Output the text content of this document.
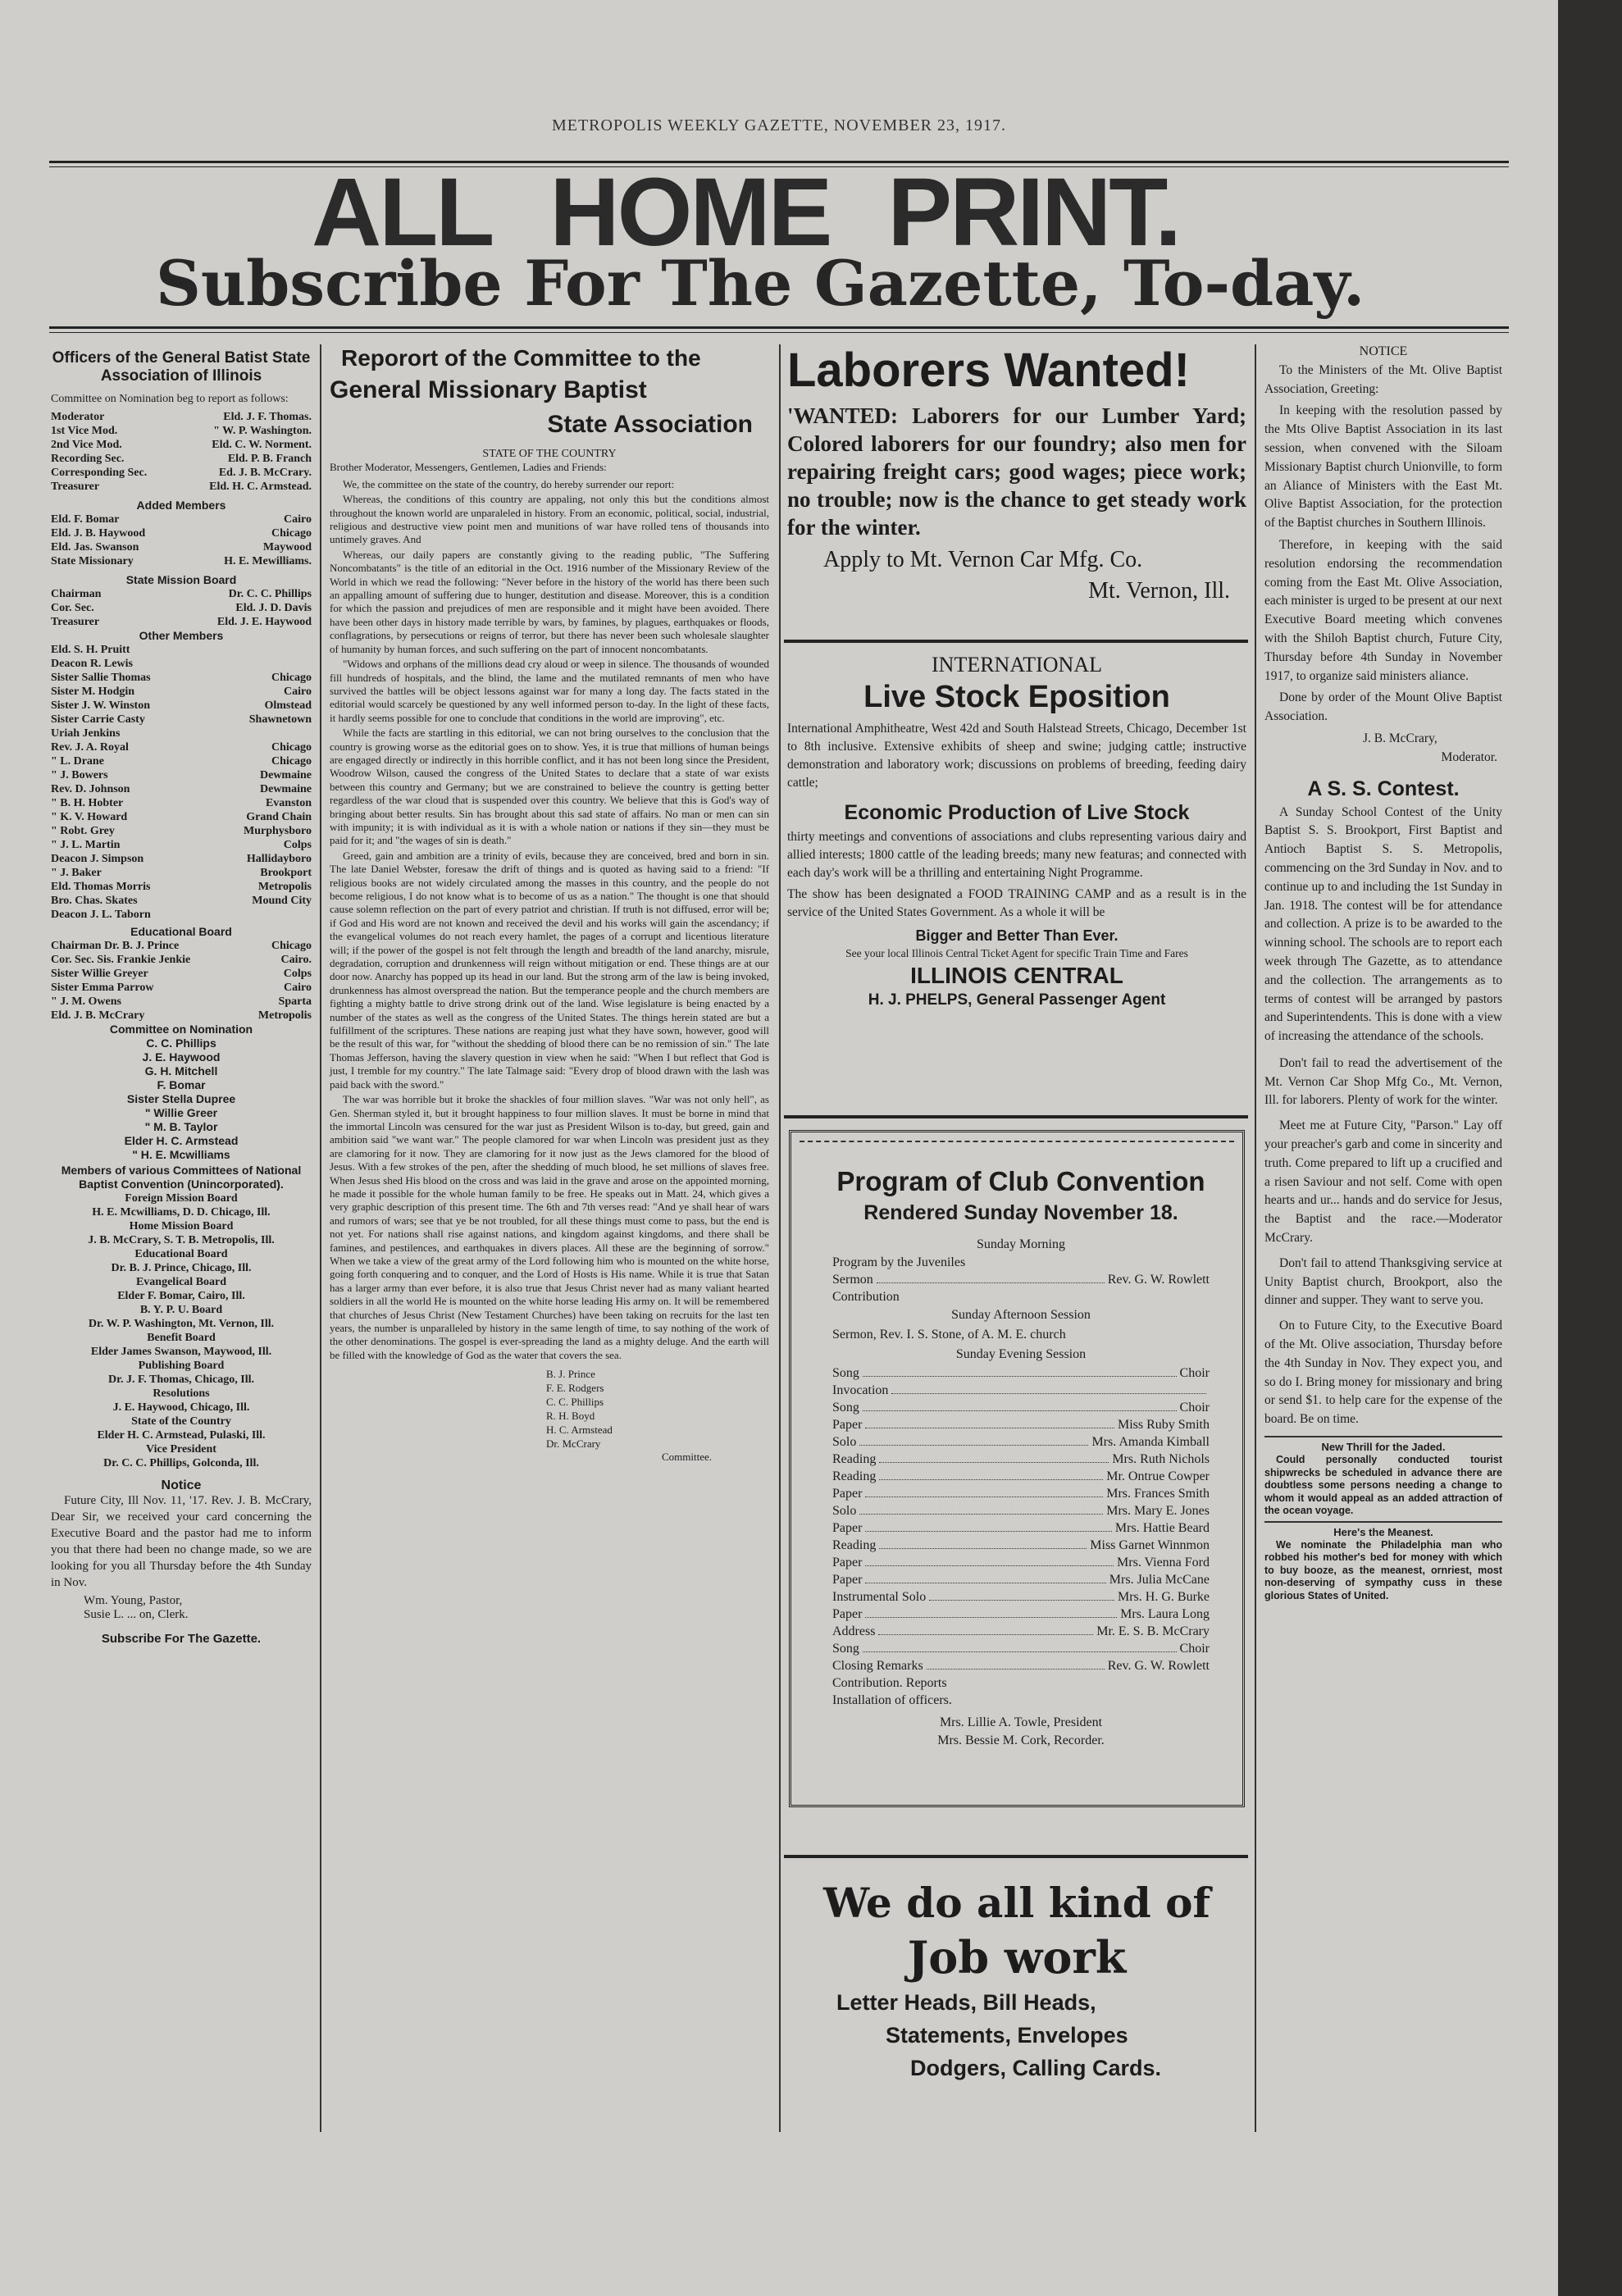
METROPOLIS WEEKLY GAZETTE, NOVEMBER 23, 1917.
ALL HOME PRINT.
Subscribe For The Gazette, To-day.
Officers of the General Batist State Association of Illinois

Committee on Nomination beg to report as follows:

Moderator	Eld. J. F. Thomas.
1st Vice Mod.	" W. P. Washington.
2nd Vice Mod.	Eld. C. W. Norment.
Recording Sec.	Eld. P. B. Franch
Corresponding Sec.	Ed. J. B. McCrary.
Treasurer	Eld. H. C. Armstead.
Added Members
Eld. F. Bomar	Cairo
Eld. J. B. Haywood	Chicago
Eld. Jas. Swanson	Maywood
State Missionary	H. E. Mewilliams.
State Mission Board
Chairman	Dr. C. C. Phillips
Cor. Sec.	Eld. J. D. Davis
Treasurer	Eld. J. E. Haywood
Other Members
Eld. S. H. Pruitt
Deacon R. Lewis
Sister Sallie Thomas	Chicago
Sister M. Hodgin	Cairo
Sister J. W. Winston	Olmstead
Sister Carrie Casty	Shawnetown
Uriah Jenkins
Rev. J. A. Royal	Chicago
" L. Drane	Chicago
" J. Bowers	Dewmaine
Rev. D. Johnson	Dewmaine
" B. H. Hobter	Evanston
" K. V. Howard	Grand Chain
" Robt. Grey	Murphysboro
" J. L. Martin	Colps
Deacon J. Simpson	Hallidayboro
" J. Baker	Brookport
Eld. Thomas Morris	Metropolis
Bro. Chas. Skates	Mound City
Deacon J. L. Taborn
Educational Board
Chairman Dr. B. J. Prince	Chicago
Cor. Sec. Sis. Frankie Jenkie	Cairo.
Sister Willie Greyer	Colps
Sister Emma Parrow	Cairo
" J. M. Owens	Sparta
Eld. J. B. McCrary	Metropolis
Committee on Nomination
C. C. Phillips
J. E. Haywood
G. H. Mitchell
F. Bomar
Sister Stella Dupree
" Willie Greer
" M. B. Taylor
Elder H. C. Armstead
" H. E. Mcwilliams
Members of various Committees of National Baptist Convention (Unincorporated).
Foreign Mission Board
H. E. Mcwilliams, D. D. Chicago, Ill.
Home Mission Board
J. B. McCrary, S. T. B. Metropolis, Ill.
Educational Board
Dr. B. J. Prince, Chicago, Ill.
Evangelical Board
Elder F. Bomar, Cairo, Ill.
B. Y. P. U. Board
Dr. W. P. Washington, Mt. Vernon, Ill.
Benefit Board
Elder James Swanson, Maywood, Ill.
Publishing Board
Dr. J. F. Thomas, Chicago, Ill.
Resolutions
J. E. Haywood, Chicago, Ill.
State of the Country
Elder H. C. Armstead, Pulaski, Ill.
Vice President
Dr. C. C. Phillips, Golconda, Ill.
Notice

Future City, Ill Nov. 11, '17. Rev. J. B. McCrary, Dear Sir, we received your card concerning the Executive Board and the pastor had me to inform you that there had been no change made, so we are looking for you all Thursday before the 4th Sunday in Nov.

Wm. Young, Pastor,
Susie L. ... on, Clerk.
Subscribe For The Gazette.
Reporort of the Committee to the
General Missionary Baptist
State Association
STATE OF THE COUNTRY

Brother Moderator, Messengers, Gentlemen, Ladies and Friends:

We, the committee on the state of the country, do hereby surrender our report:

Whereas, the conditions of this country are appaling, not only this but the conditions almost throughout the known world are unparaleled in history. From an economic, political, social, industrial, religious and destructive view point men and munitions of war have rolled tens of thousands into untimely graves. And

Whereas, our daily papers are constantly giving to the reading public, "The Suffering Noncombatants" is the title of an editorial in the Oct. 1916 number of the Missionary Review of the World in which we read the following: "Never before in the history of the world has there been such an appalling amount of suffering due to hunger, destitution and disease. Moreover, this is a condition for which the passion and prejudices of men are responsible and it might have been avoided. There have been other days in history made terrible by wars, by famines, by plagues, earthquakes or floods, conflagrations, by persecutions or reigns of terror, but there has never been such wholesale slaughter of humanity by human forces, and such suffering on the part of innocent noncombatants.

"Widows and orphans of the millions dead cry aloud or weep in silence. The thousands of wounded fill hundreds of hospitals, and the blind, the lame and the mutilated remnants of men who have survived the battles will be object lessons against war for many a long day. The facts stated in the editorial would scarcely be questioned by any well informed person to-day. In the light of these facts, it hardly seems possible for one to conclude that conditions in the world are improving", etc.

While the facts are startling in this editorial, we can not bring ourselves to the conclusion that the country is growing worse as the editorial goes on to show. Yes, it is true that millions of human beings are engaged directly or indirectly in this horrible conflict, and it has not been long since the President, Woodrow Wilson, caused the congress of the United States to declare that a state of war exists between this country and Germany; but we are constrained to believe the country is getting better regardless of the war cloud that is suspended over this country. We believe that this is God's way of bringing about better results. Sin has brought about this sad state of affairs. No man or men can sin with impunity; it is with individual as it is with a whole nation or nations if they sin—they must be paid for it; and "the wages of sin is death."

Greed, gain and ambition are a trinity of evils, because they are conceived, bred and born in sin. The late Daniel Webster, foresaw the drift of things and is quoted as having said to a friend: "If religious books are not widely circulated among the masses in this country, and the people do not become religious, I do not know what is to become of us as a nation." The thought is one that should cause solemn reflection on the part of every patriot and christian. If truth is not diffused, error will be; if God and His word are not known and received the devil and his works will gain the ascendancy; if the evangelical volumes do not reach every hamlet, the pages of a corrupt and licentious literature will; if the power of the gospel is not felt through the length and breadth of the land anarchy, misrule, degradation, corruption and drunkenness will reign without mitigation or end. These things are at our door now. Anarchy has popped up its head in our land. But the strong arm of the law is being invoked, drunkenness has almost overspread the nation. But the temperance people and the church members are fighting a mighty battle to drive strong drink out of the land. Wise legislature is being enacted by a number of the states as well as the congress of the United States. The things herein stated are but a fulfillment of the scriptures. These nations are reaping just what they have sown, however, good will be the result of this war, for "without the shedding of blood there can be no remission of sin." The late Thomas Jefferson, having the slavery question in view when he said: "When I but reflect that God is just, I tremble for my country." The late Talmage said: "Every drop of blood drawn with the lash was paid back with the sword."

The war was horrible but it broke the shackles of four million slaves. "War was not only hell", as Gen. Sherman styled it, but it brought happiness to four million slaves. It must be borne in mind that the immortal Lincoln was censured for the war just as President Wilson is to-day, but greed, gain and ambition said "we want war." The people clamored for war when Lincoln was president just as they are clamoring for it now. They are clamoring for it now just as the Jews clamored for the blood of Jesus. With a few strokes of the pen, after the shedding of much blood, he set millions of slaves free. When Jesus shed His blood on the cross and was laid in the grave and arose on the appointed morning, he made it possible for the whole human family to be free. He speaks out in Matt. 24, which gives a very graphic description of this present time. The 6th and 7th verses read: "And ye shall hear of wars and rumors of wars; see that ye be not troubled, for all these things must come to pass, but the end is not yet. For nations shall rise against nations, and kingdom against kingdoms, and there shall be famines, and pestilences, and earthquakes in divers places. All these are the beginning of sorrow." When we take a view of the great army of the Lord following him who is mounted on the white horse, going forth conquering and to conquer, and the Lord of Hosts is His name. While it is true that Satan has a larger army than ever before, it is also true that Jesus Christ never had as many valiant hearted soldiers in all the world He is mounted on the white horse leading His army on. It will be remembered that churches of Jesus Christ (New Testament Churches) have been taking on recruits for the last ten years, the number is unparalleled by history in the same length of time, to say nothing of the work of the other denominations. The gospel is ever-spreading the land as a mighty deluge. And the earth will be filled with the knowledge of God as the water that covers the sea.

B. J. Prince
F. E. Rodgers
C. C. Phillips
R. H. Boyd
H. C. Armstead
Dr. McCrary
Committee.
Laborers Wanted!

'WANTED: Laborers for our Lumber Yard; Colored laborers for our foundry; also men for repairing freight cars; good wages; piece work; no trouble; now is the chance to get steady work for the winter.

Apply to Mt. Vernon Car Mfg. Co.
Mt. Vernon, Ill.
INTERNATIONAL
Live Stock Eposition

International Amphitheatre, West 42d and South Halstead Streets, Chicago, December 1st to 8th inclusive. Extensive exhibits of sheep and swine; judging cattle; instructive demonstration and laboratory work; discussions on problems of breeding, feeding dairy cattle;

Economic Production of Live Stock

thirty meetings and conventions of associations and clubs representing various dairy and allied interests; 1800 cattle of the leading breeds; many new featuras; and connected with each day's work will be a thrilling and entertaining Night Programme.

The show has been designated a FOOD TRAINING CAMP and as a result is in the service of the United States Government. As a whole it will be

Bigger and Better Than Ever.
See your local Illinois Central Ticket Agent for specific Train Time and Fares
ILLINOIS CENTRAL
H. J. PHELPS, General Passenger Agent
Program of Club Convention
Rendered Sunday November 18.
Sunday Morning
Program by the Juveniles
Sermon	Rev. G. W. Rowlett
Contribution
Sunday Afternoon Session
Sermon, Rev. I. S. Stone, of A. M. E. church
Sunday Evening Session
Song	Choir
Invocation
Song	Choir
Paper	Miss Ruby Smith
Solo	Mrs. Amanda Kimball
Reading	Mrs. Ruth Nichols
Reading	Mr. Ontrue Cowper
Paper	Mrs. Frances Smith
Solo	Mrs. Mary E. Jones
Paper	Mrs. Hattie Beard
Reading	Miss Garnet Winnmon
Paper	Mrs. Vienna Ford
Paper	Mrs. Julia McCane
Instrumental Solo	Mrs. H. G. Burke
Paper	Mrs. Laura Long
Address	Mr. E. S. B. McCrary
Song	Choir
Closing Remarks	Rev. G. W. Rowlett
Contribution. Reports
Installation of officers.
Mrs. Lillie A. Towle, President
Mrs. Bessie M. Cork, Recorder.
We do all kind of
Job work
Letter Heads, Bill Heads,
Statements, Envelopes
Dodgers, Calling Cards.
NOTICE

To the Ministers of the Mt. Olive Baptist Association, Greeting:

In keeping with the resolution passed by the Mts Olive Baptist Association in its last session, when convened with the Siloam Missionary Baptist church Unionville, to form an Aliance of Ministers with the East Mt. Olive Baptist Association, for the protection of the Baptist churches in Southern Illinois.

Therefore, in keeping with the said resolution endorsing the recommendation coming from the East Mt. Olive Association, each minister is urged to be present at our next Executive Board meeting which convenes with the Shiloh Baptist church, Future City, Thursday before 4th Sunday in November 1917, to organize said ministers aliance.

Done by order of the Mount Olive Baptist Association.

J. B. McCrary,
Moderator.
A S. S. Contest.

A Sunday School Contest of the Unity Baptist S. S. Brookport, First Baptist and Antioch Baptist S. S. Metropolis, commencing on the 3rd Sunday in Nov. and to continue up to and including the 1st Sunday in Jan. 1918. The contest will be for attendance and collection. A prize is to be awarded to the winning school. The schools are to report each week through The Gazette, as to attendance and the collection. The arrangements as to terms of contest will be arranged by pastors and Superintendents. This is done with a view of increasing the attendance of the schools.

Don't fail to read the advertisement of the Mt. Vernon Car Shop Mfg Co., Mt. Vernon, Ill. for laborers. Plenty of work for the winter.

Meet me at Future City, "Parson." Lay off your preacher's garb and come in sincerity and truth. Come prepared to lift up a crucified and a risen Saviour and not self. Come with open hearts and ur... hands and do service for Jesus, the Baptist and the race.—Moderator McCrary.

Don't fail to attend Thanksgiving service at Unity Baptist church, Brookport, also the dinner and supper. They want to serve you.

On to Future City, to the Executive Board of the Mt. Olive association, Thursday before the 4th Sunday in Nov. They expect you, and so do I. Bring money for missionary and bring or send $1. to help care for the expense of the board. Be on time.

New Thrill for the Jaded.

Could personally conducted tourist shipwrecks be scheduled in advance there are doubtless some persons needing a change to whom it would appeal as an added attraction of the ocean voyage.

Here's the Meanest.

We nominate the Philadelphia man who robbed his mother's bed for money with which to buy booze, as the meanest, ornriest, most non-deserving of sympathy cuss in these glorious States of United.
